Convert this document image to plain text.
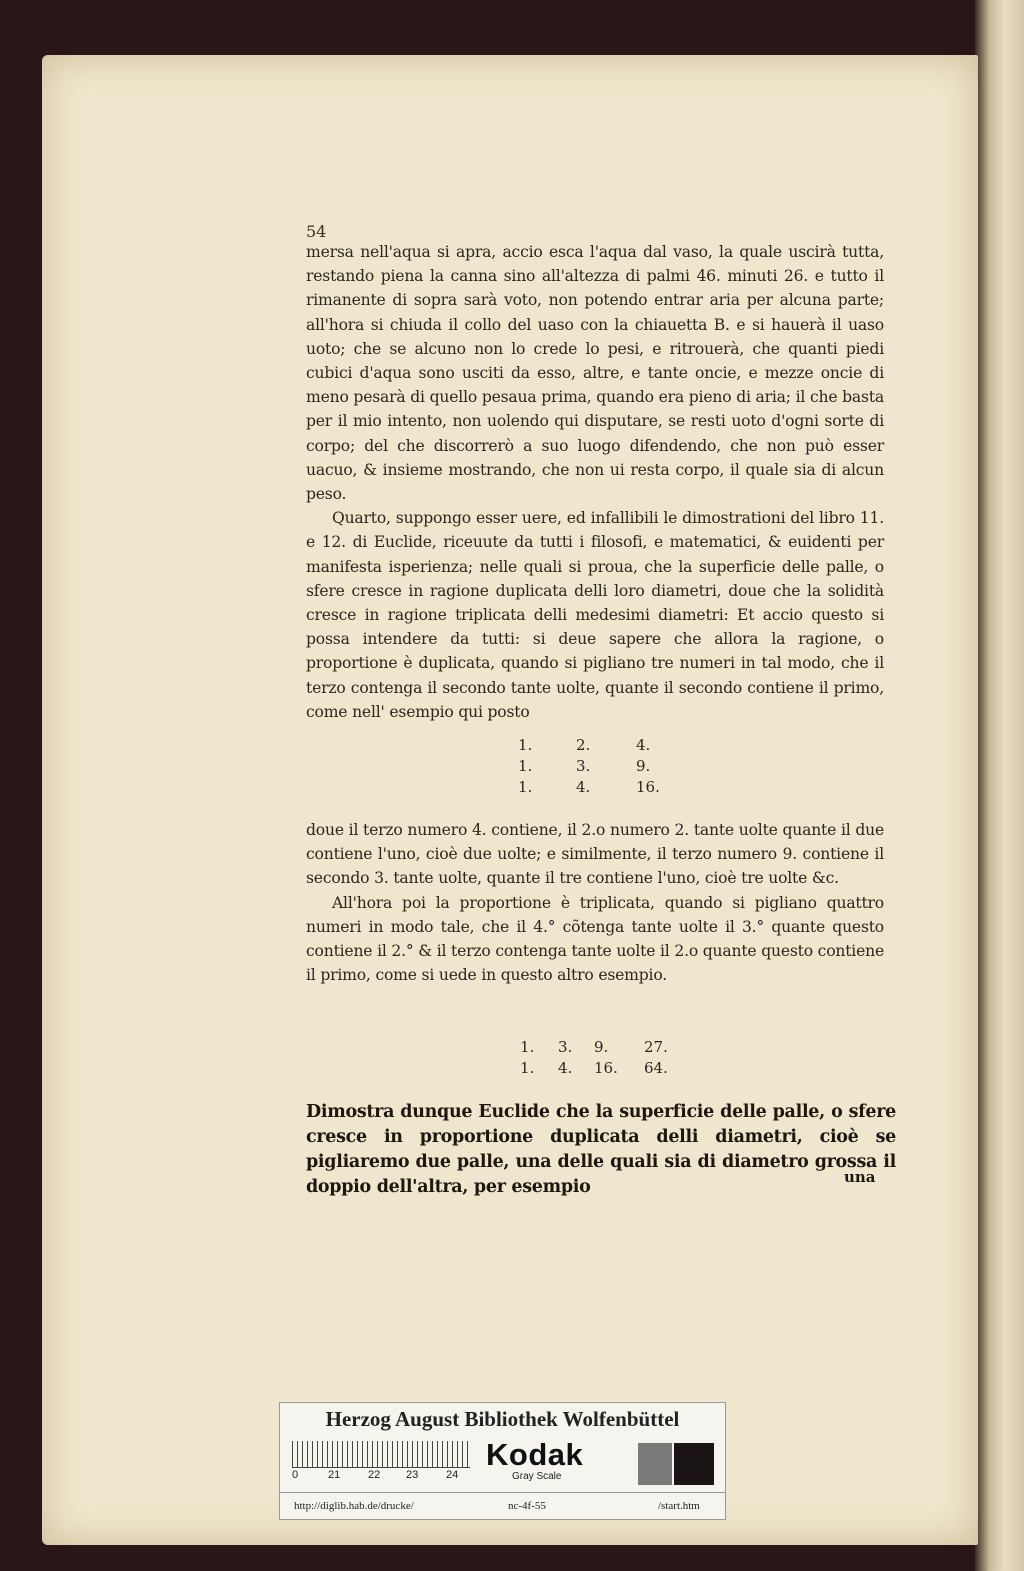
54

mersa nell'aqua si apra, accio esca l'aqua dal vaso, la quale uscirà tutta, restando piena la canna sino all'altezza di palmi 46. minuti 26. e tutto il rimanente di sopra sarà voto, non potendo entrar aria per alcuna parte; all'hora si chiuda il collo del uaso con la chiauetta B. e si hauerà il uaso uoto; che se alcuno non lo crede lo pesi, e ritrouerà, che quanti piedi cubici d'aqua sono usciti da esso, altre, e tante oncie, e mezze oncie di meno pesarà di quello pesaua prima, quando era pieno di aria; il che basta per il mio intento, non uolendo qui disputare, se resti uoto d'ogni sorte di corpo; del che discorrerò a suo luogo difendendo, che non può esser uacuo, & insieme mostrando, che non ui resta corpo, il quale sia di alcun peso.

Quarto, suppongo esser uere, ed infallibili le dimostrationi del libro 11. e 12. di Euclide, riceuute da tutti i filosofi, e matematici, & euidenti per manifesta isperienza; nelle quali si proua, che la superficie delle palle, o sfere cresce in ragione duplicata delli loro diametri, doue che la solidità cresce in ragione triplicata delli medesimi diametri: Et accio questo si possa intendere da tutti: si deue sapere che allora la ragione, o proportione è duplicata, quando si pigliano tre numeri in tal modo, che il terzo contenga il secondo tante uolte, quante il secondo contiene il primo, come nell' esempio qui posto

1.	2.	4.
1.	3.	9.
1.	4.	16.

doue il terzo numero 4. contiene, il 2.o numero 2. tante uolte quante il due contiene l'uno, cioè due uolte; e similmente, il terzo numero 9. contiene il secondo 3. tante uolte, quante il tre contiene l'uno, cioè tre uolte &c.

All'hora poi la proportione è triplicata, quando si pigliano quattro numeri in modo tale, che il 4.° cõtenga tante uolte il 3.° quante questo contiene il 2.° & il terzo contenga tante uolte il 2.o quante questo contiene il primo, come si uede in questo altro esempio.

1.	3.	9.	27.
1.	4.	16.	64.
Dimostra dunque Euclide che la superficie delle palle, o sfere cresce in proportione duplicata delli diametri, cioè se pigliaremo due palle, una delle quali sia di diametro grossa il doppio dell'altra, per esempio	una
Herzog August Bibliothek Wolfenbüttel
0	21	22 23	24
Kodak
Gray Scale
http://diglib.hab.de/drucke/	nc-4f-55	/start.htm
